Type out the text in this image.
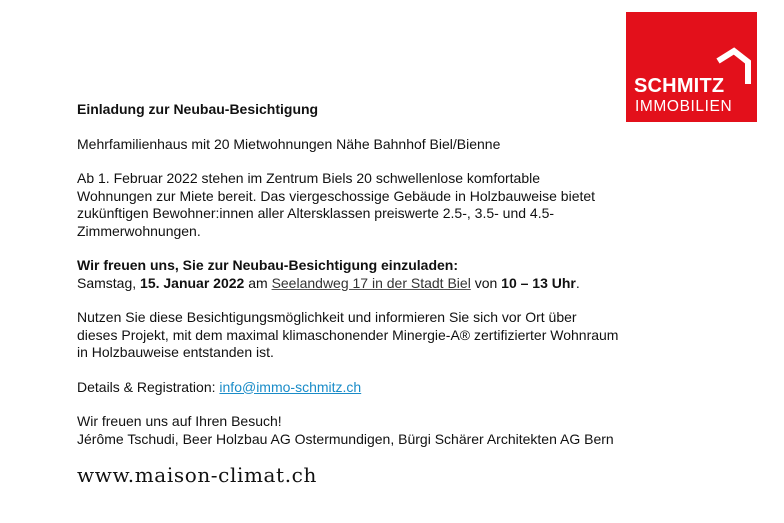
SCHMITZ
IMMOBILIEN

Einladung zur Neubau-Besichtigung

Mehrfamilienhaus mit 20 Mietwohnungen Nähe Bahnhof Biel/Bienne

Ab 1. Februar 2022 stehen im Zentrum Biels 20 schwellenlose komfortable
Wohnungen zur Miete bereit. Das viergeschossige Gebäude in Holzbauweise bietet
zukünftigen Bewohner:innen aller Altersklassen preiswerte 2.5-, 3.5- und 4.5-
Zimmerwohnungen.

Wir freuen uns, Sie zur Neubau-Besichtigung einzuladen:

Samstag, 15. Januar 2022 am Seelandweg 17 in der Stadt Biel von 10 – 13 Uhr.

Nutzen Sie diese Besichtigungsmöglichkeit und informieren Sie sich vor Ort über
dieses Projekt, mit dem maximal klimaschonender Minergie-A® zertifizierter Wohnraum
in Holzbauweise entstanden ist.

Details & Registration: info@immo-schmitz.ch

Wir freuen uns auf Ihren Besuch!

Jérôme Tschudi, Beer Holzbau AG Ostermundigen, Bürgi Schärer Architekten AG Bern

www.maison-climat.ch
